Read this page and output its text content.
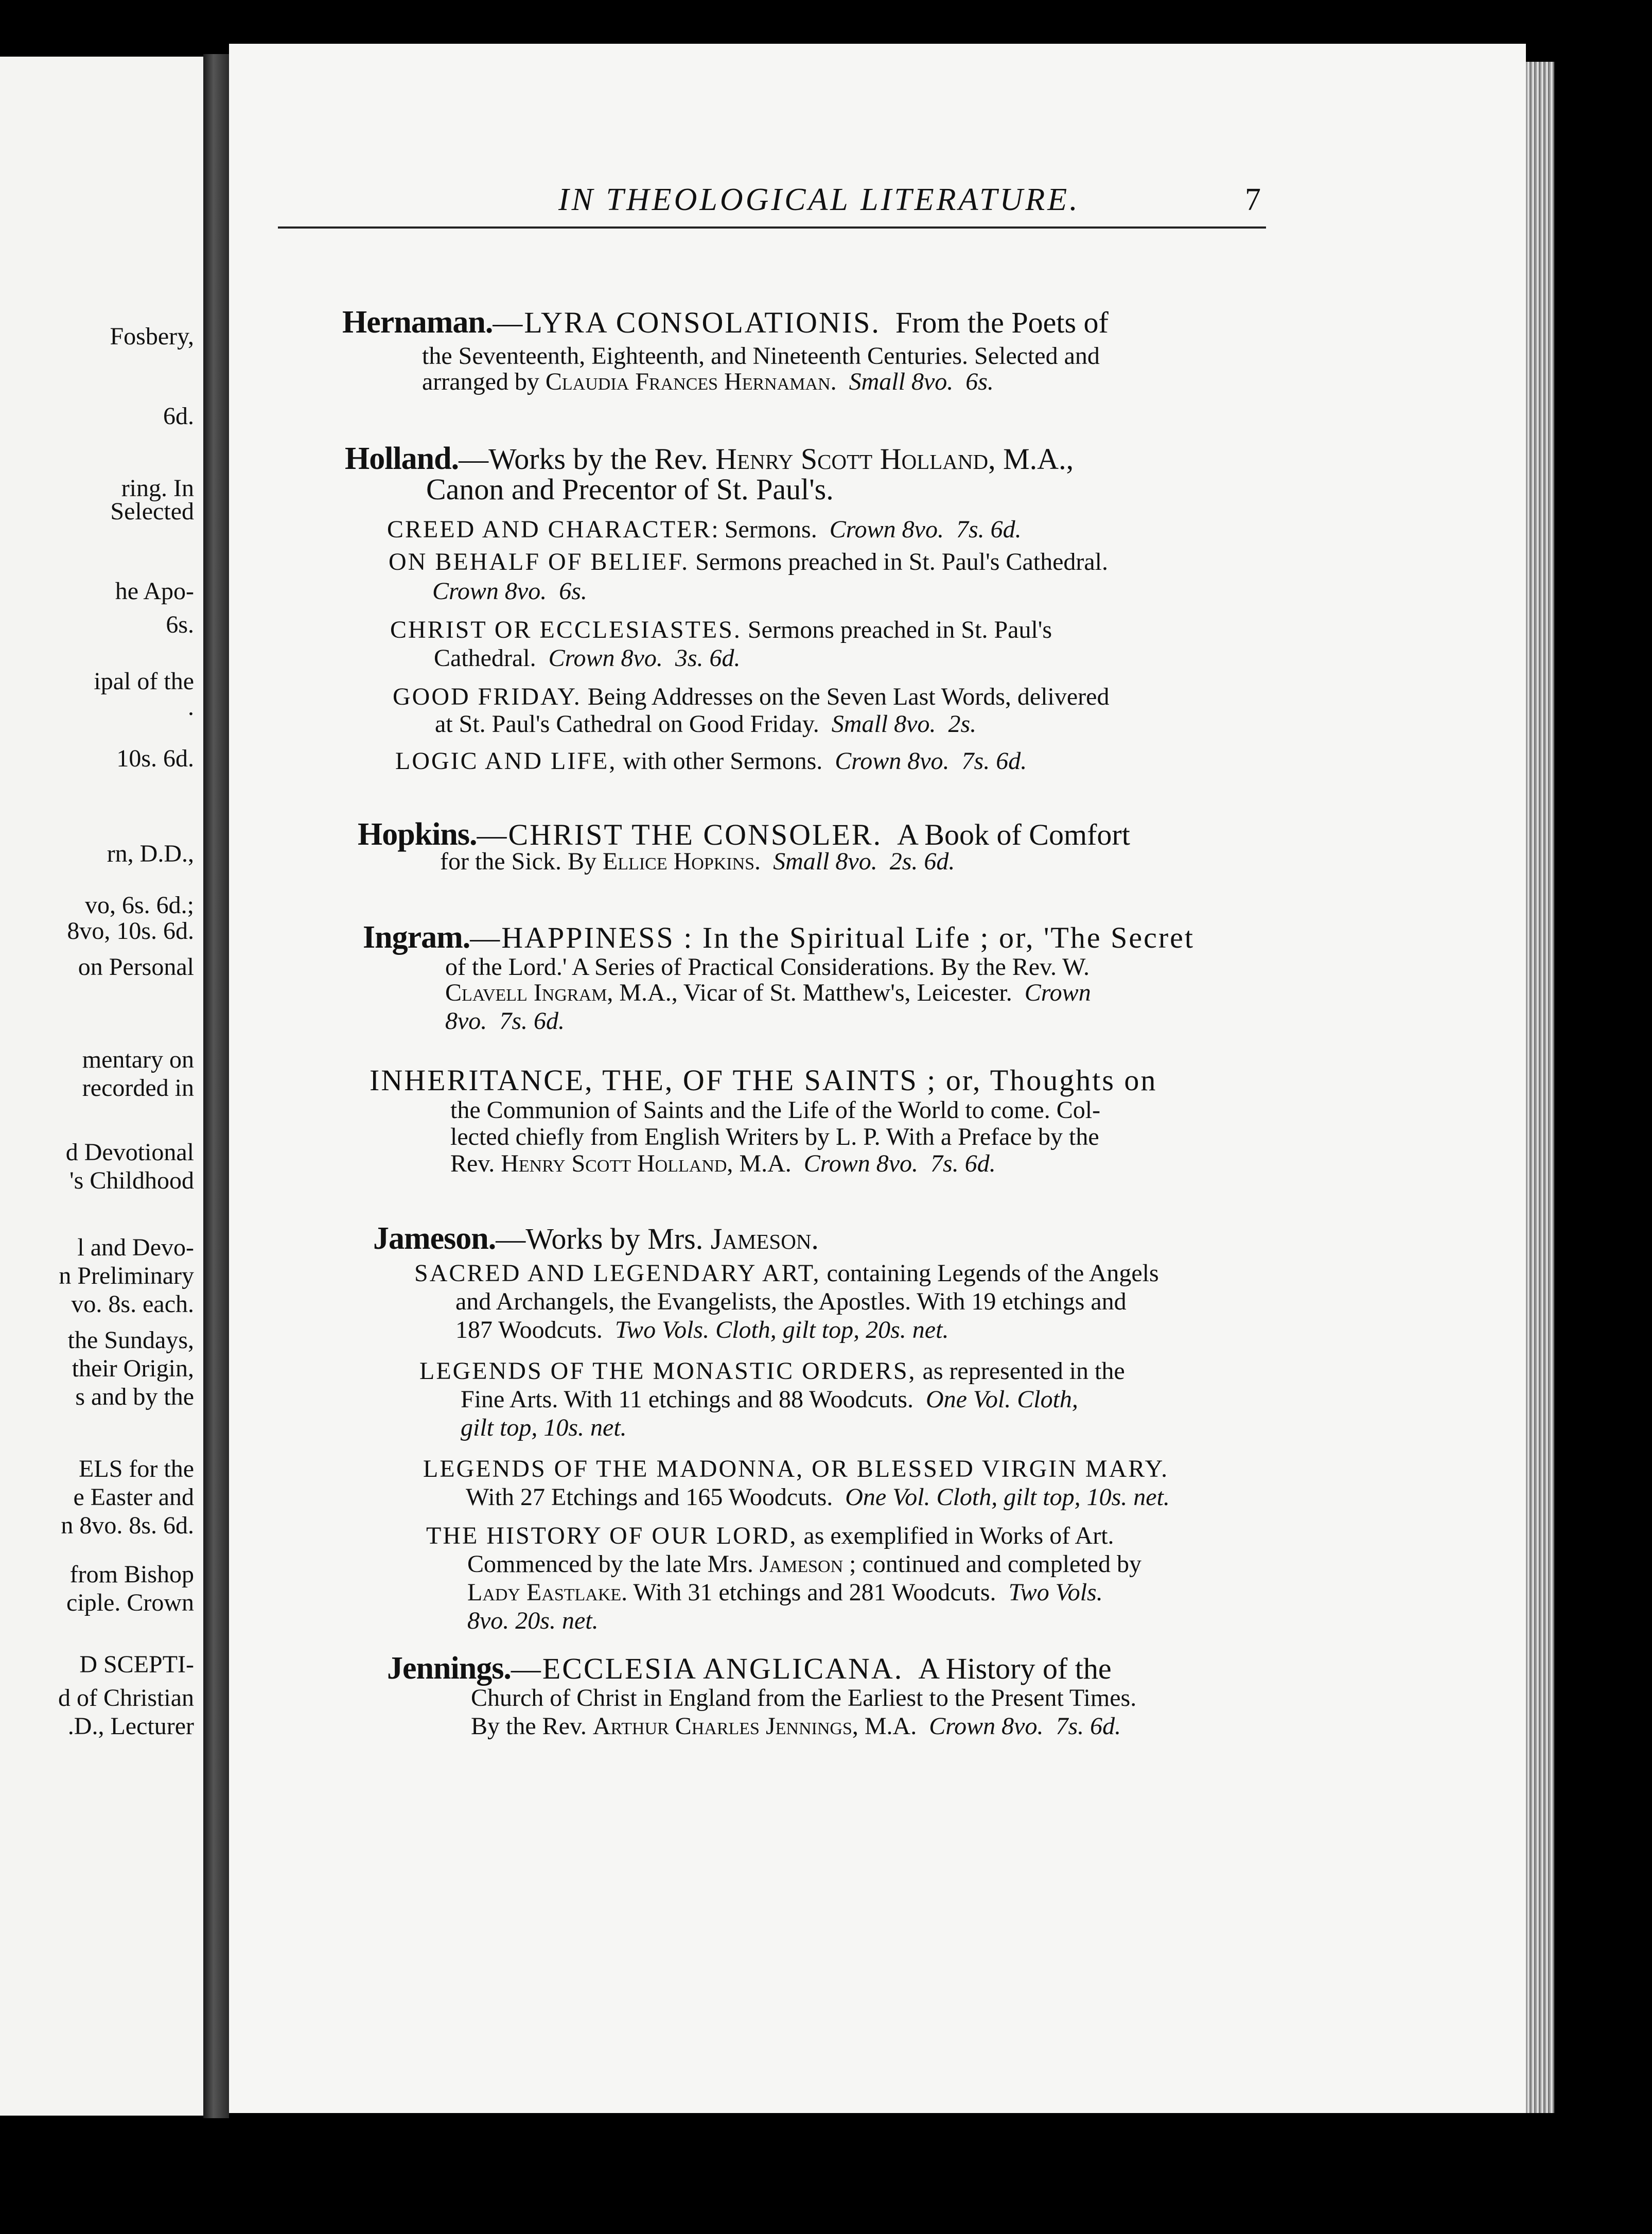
Fosbery,
6d.
ring. In
Selected
he Apo-
6s.
ipal of the
.
10s. 6d.
rn, D.D.,
vo, 6s. 6d.;
8vo, 10s. 6d.
on Personal
mentary on
recorded in
d Devotional
's Childhood
l and Devo-
n Preliminary
vo. 8s. each.
the Sundays,
their Origin,
s and by the
ELS for the
e Easter and
n 8vo. 8s. 6d.
from Bishop
ciple. Crown
D SCEPTI-
d of Christian
.D., Lecturer
IN THEOLOGICAL LITERATURE.	7
Hernaman.—LYRA CONSOLATIONIS. From the Poets of
the Seventeenth, Eighteenth, and Nineteenth Centuries. Selected and
arranged by Claudia Frances Hernaman. Small 8vo. 6s.
Holland.—Works by the Rev. Henry Scott Holland, M.A.,
Canon and Precentor of St. Paul's.
CREED AND CHARACTER: Sermons. Crown 8vo. 7s. 6d.
ON BEHALF OF BELIEF. Sermons preached in St. Paul's Cathedral.
Crown 8vo. 6s.
CHRIST OR ECCLESIASTES. Sermons preached in St. Paul's
Cathedral. Crown 8vo. 3s. 6d.
GOOD FRIDAY. Being Addresses on the Seven Last Words, delivered
at St. Paul's Cathedral on Good Friday. Small 8vo. 2s.
LOGIC AND LIFE, with other Sermons. Crown 8vo. 7s. 6d.
Hopkins.—CHRIST THE CONSOLER. A Book of Comfort
for the Sick. By Ellice Hopkins. Small 8vo. 2s. 6d.
Ingram.—HAPPINESS : In the Spiritual Life ; or, 'The Secret
of the Lord.' A Series of Practical Considerations. By the Rev. W.
Clavell Ingram, M.A., Vicar of St. Matthew's, Leicester. Crown
8vo. 7s. 6d.
INHERITANCE, THE, OF THE SAINTS ; or, Thoughts on
the Communion of Saints and the Life of the World to come. Col-
lected chiefly from English Writers by L. P. With a Preface by the
Rev. Henry Scott Holland, M.A. Crown 8vo. 7s. 6d.
Jameson.—Works by Mrs. Jameson.
SACRED AND LEGENDARY ART, containing Legends of the Angels
and Archangels, the Evangelists, the Apostles. With 19 etchings and
187 Woodcuts. Two Vols. Cloth, gilt top, 20s. net.
LEGENDS OF THE MONASTIC ORDERS, as represented in the
Fine Arts. With 11 etchings and 88 Woodcuts. One Vol. Cloth,
gilt top, 10s. net.
LEGENDS OF THE MADONNA, OR BLESSED VIRGIN MARY.
With 27 Etchings and 165 Woodcuts. One Vol. Cloth, gilt top, 10s. net.
THE HISTORY OF OUR LORD, as exemplified in Works of Art.
Commenced by the late Mrs. Jameson ; continued and completed by
Lady Eastlake. With 31 etchings and 281 Woodcuts. Two Vols.
8vo. 20s. net.
Jennings.—ECCLESIA ANGLICANA. A History of the
Church of Christ in England from the Earliest to the Present Times.
By the Rev. Arthur Charles Jennings, M.A. Crown 8vo. 7s. 6d.
